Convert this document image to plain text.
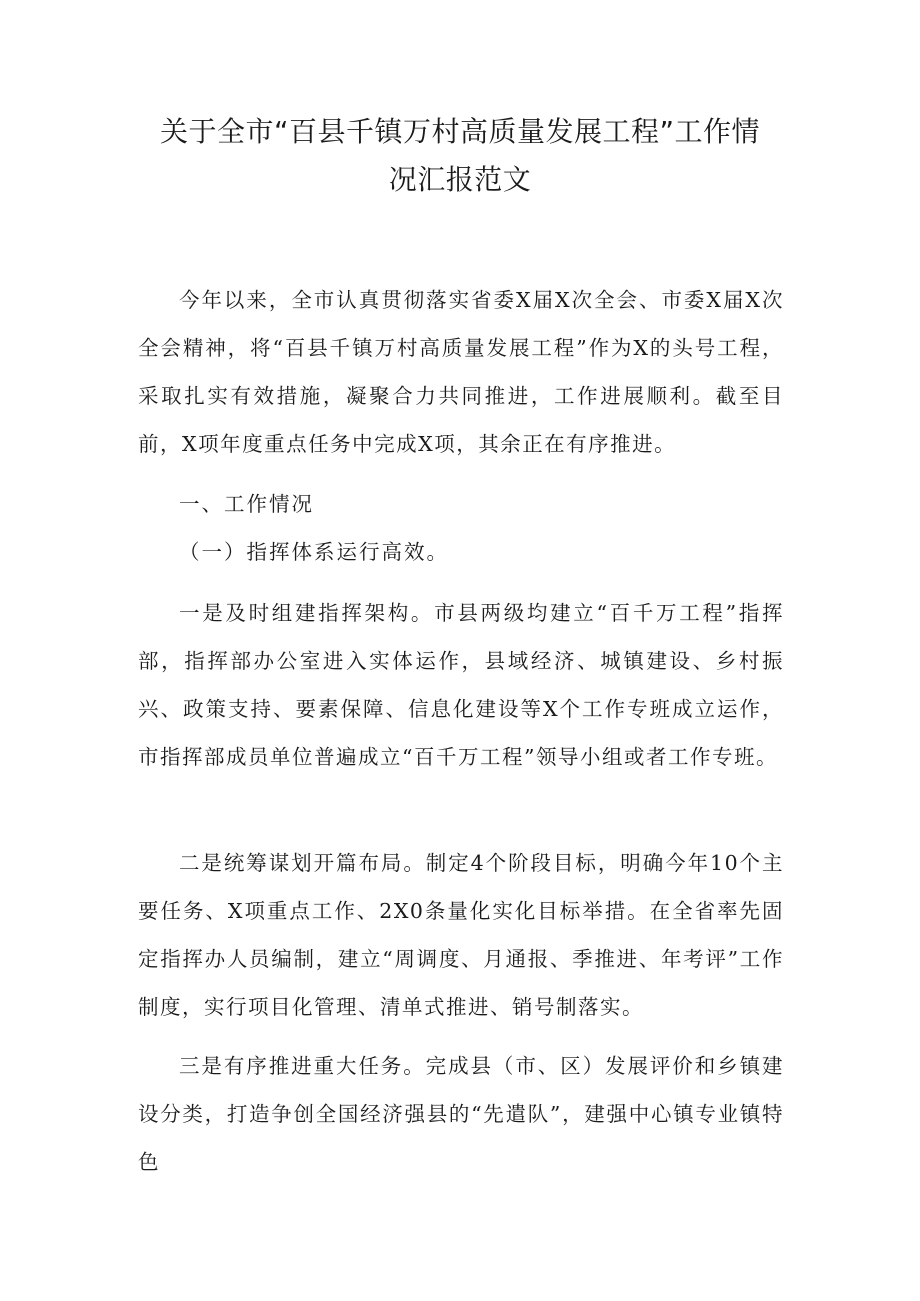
关于全市“百县千镇万村高质量发展工程”工作情
况汇报范文

今年以来，全市认真贯彻落实省委X届X次全会、市委X届X次全会精神，将“百县千镇万村高质量发展工程”作为X的头号工程，采取扎实有效措施，凝聚合力共同推进，工作进展顺利。截至目前，X项年度重点任务中完成X项，其余正在有序推进。

一、工作情况

（一）指挥体系运行高效。

一是及时组建指挥架构。市县两级均建立“百千万工程”指挥部，指挥部办公室进入实体运作，县域经济、城镇建设、乡村振兴、政策支持、要素保障、信息化建设等X个工作专班成立运作，市指挥部成员单位普遍成立“百千万工程”领导小组或者工作专班。

二是统筹谋划开篇布局。制定4个阶段目标，明确今年10个主要任务、X项重点工作、2X0条量化实化目标举措。在全省率先固定指挥办人员编制，建立“周调度、月通报、季推进、年考评”工作制度，实行项目化管理、清单式推进、销号制落实。

三是有序推进重大任务。完成县（市、区）发展评价和乡镇建设分类，打造争创全国经济强县的“先遣队”，建强中心镇专业镇特色
